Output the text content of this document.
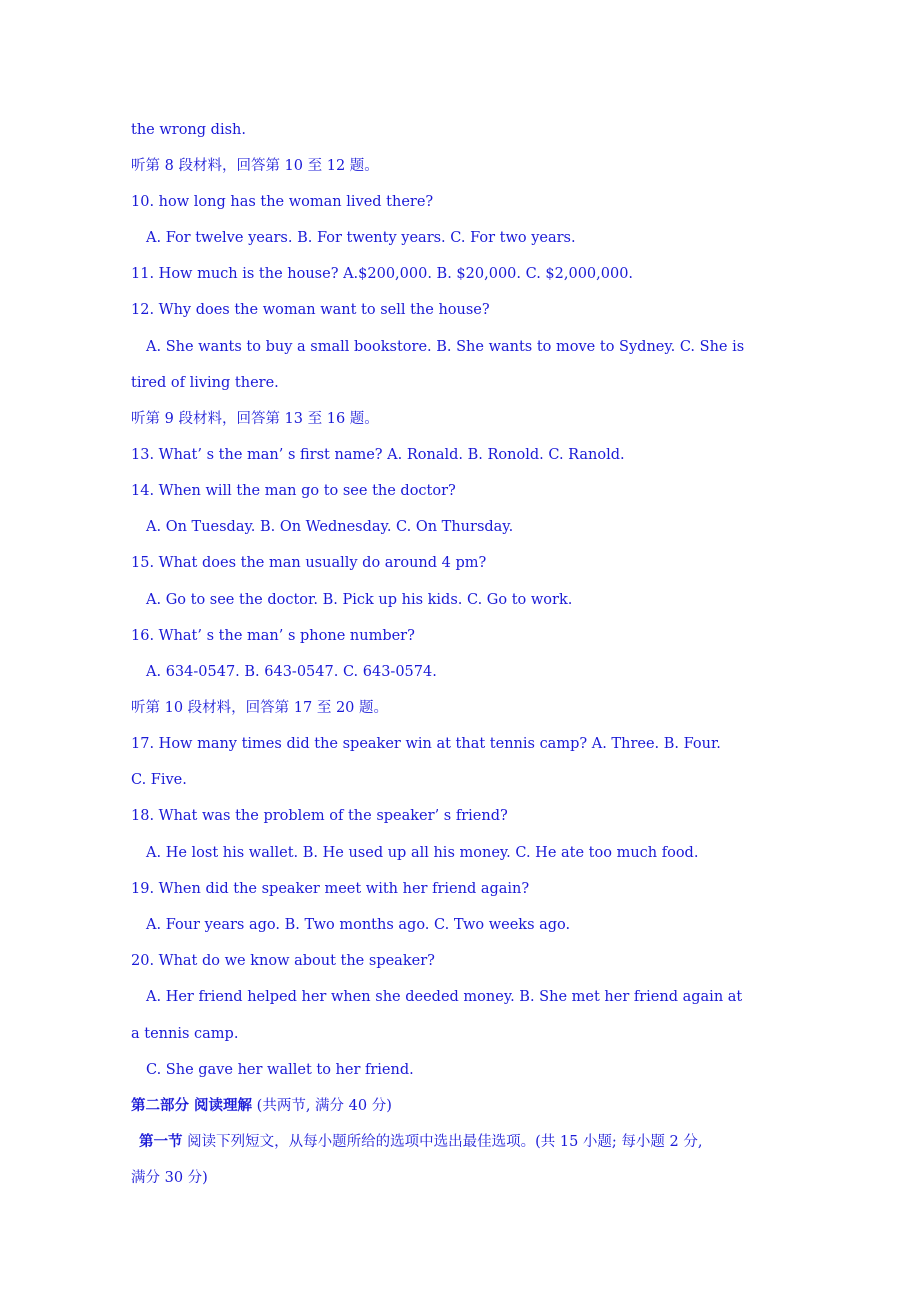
the wrong dish.
听第 8 段材料，回答第 10 至 12 题。
10. how long has the woman lived there?
A. For twelve years. B. For twenty years. C. For two years.
11. How much is the house? A.$200,000. B. $20,000. C. $2,000,000.
12. Why does the woman want to sell the house?
A. She wants to buy a small bookstore. B. She wants to move to Sydney. C. She is
tired of living there.
听第 9 段材料，回答第 13 至 16 题。
13. What’ s the man’ s first name? A. Ronald. B. Ronold. C. Ranold.
14. When will the man go to see the doctor?
A. On Tuesday. B. On Wednesday. C. On Thursday.
15. What does the man usually do around 4 pm?
A. Go to see the doctor. B. Pick up his kids. C. Go to work.
16. What’ s the man’ s phone number?
A. 634-0547. B. 643-0547. C. 643-0574.
听第 10 段材料，回答第 17 至 20 题。
17. How many times did the speaker win at that tennis camp? A. Three. B. Four.
C. Five.
18. What was the problem of the speaker’ s friend?
A. He lost his wallet. B. He used up all his money. C. He ate too much food.
19. When did the speaker meet with her friend again?
A. Four years ago. B. Two months ago. C. Two weeks ago.
20. What do we know about the speaker?
A. Her friend helped her when she deeded money. B. She met her friend again at
a tennis camp.
C. She gave her wallet to her friend.
第二部分 阅读理解 (共两节, 满分 40 分)
第一节 阅读下列短文，从每小题所给的选项中选出最佳选项。(共 15 小题; 每小题 2 分,
满分 30 分)
